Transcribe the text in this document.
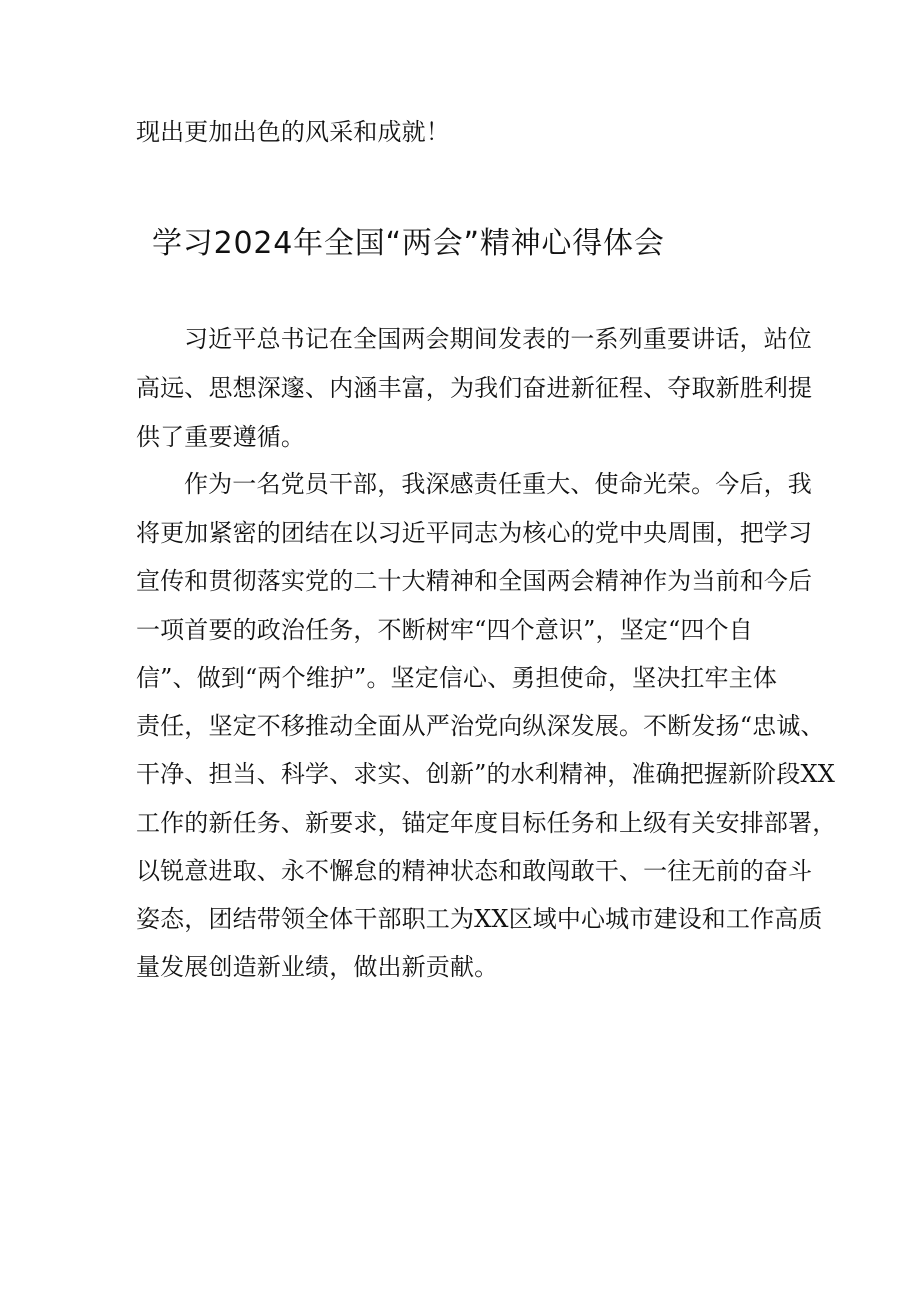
现出更加出色的风采和成就！

学习2024年全国“两会”精神心得体会

习近平总书记在全国两会期间发表的一系列重要讲话，站位

高远、思想深邃、内涵丰富，为我们奋进新征程、夺取新胜利提

供了重要遵循。

作为一名党员干部，我深感责任重大、使命光荣。今后，我

将更加紧密的团结在以习近平同志为核心的党中央周围，把学习

宣传和贯彻落实党的二十大精神和全国两会精神作为当前和今后

一项首要的政治任务，不断树牢“四个意识”，坚定“四个自

信”、做到“两个维护”。坚定信心、勇担使命，坚决扛牢主体

责任，坚定不移推动全面从严治党向纵深发展。不断发扬“忠诚、

干净、担当、科学、求实、创新”的水利精神，准确把握新阶段XX

工作的新任务、新要求，锚定年度目标任务和上级有关安排部署，

以锐意进取、永不懈怠的精神状态和敢闯敢干、一往无前的奋斗

姿态，团结带领全体干部职工为XX区域中心城市建设和工作高质

量发展创造新业绩，做出新贡献。
